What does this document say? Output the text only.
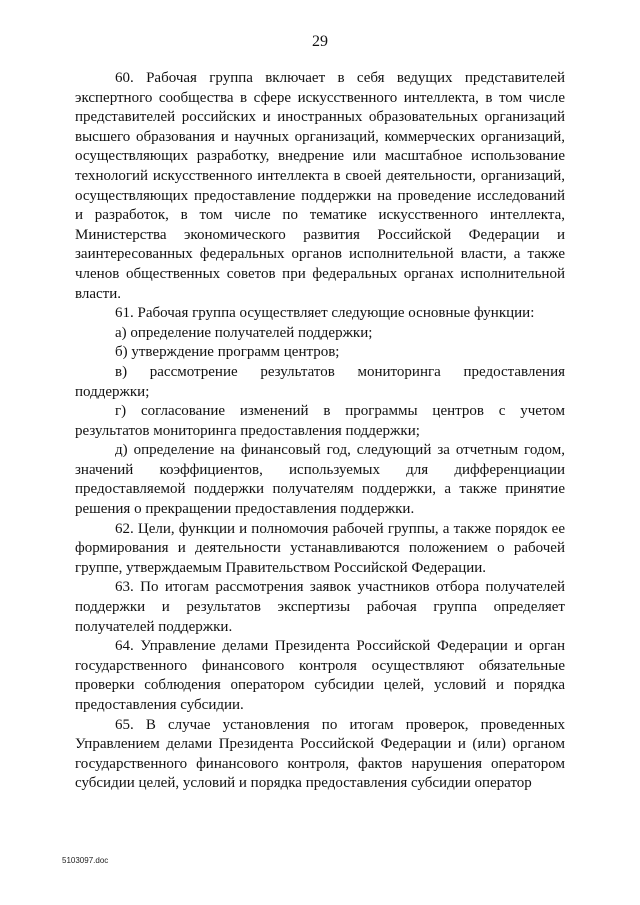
29

60. Рабочая группа включает в себя ведущих представителей экспертного сообщества в сфере искусственного интеллекта, в том числе представителей российских и иностранных образовательных организаций высшего образования и научных организаций, коммерческих организаций, осуществляющих разработку, внедрение или масштабное использование технологий искусственного интеллекта в своей деятельности, организаций, осуществляющих предоставление поддержки на проведение исследований и разработок, в том числе по тематике искусственного интеллекта, Министерства экономического развития Российской Федерации и заинтересованных федеральных органов исполнительной власти, а также членов общественных советов при федеральных органах исполнительной власти.

61. Рабочая группа осуществляет следующие основные функции:

а) определение получателей поддержки;

б) утверждение программ центров;

в) рассмотрение результатов мониторинга предоставления поддержки;

г) согласование изменений в программы центров с учетом результатов мониторинга предоставления поддержки;

д) определение на финансовый год, следующий за отчетным годом, значений коэффициентов, используемых для дифференциации предоставляемой поддержки получателям поддержки, а также принятие решения о прекращении предоставления поддержки.

62. Цели, функции и полномочия рабочей группы, а также порядок ее формирования и деятельности устанавливаются положением о рабочей группе, утверждаемым Правительством Российской Федерации.

63. По итогам рассмотрения заявок участников отбора получателей поддержки и результатов экспертизы рабочая группа определяет получателей поддержки.

64. Управление делами Президента Российской Федерации и орган государственного финансового контроля осуществляют обязательные проверки соблюдения оператором субсидии целей, условий и порядка предоставления субсидии.

65. В случае установления по итогам проверок, проведенных Управлением делами Президента Российской Федерации и (или) органом государственного финансового контроля, фактов нарушения оператором субсидии целей, условий и порядка предоставления субсидии оператор

5103097.doc
